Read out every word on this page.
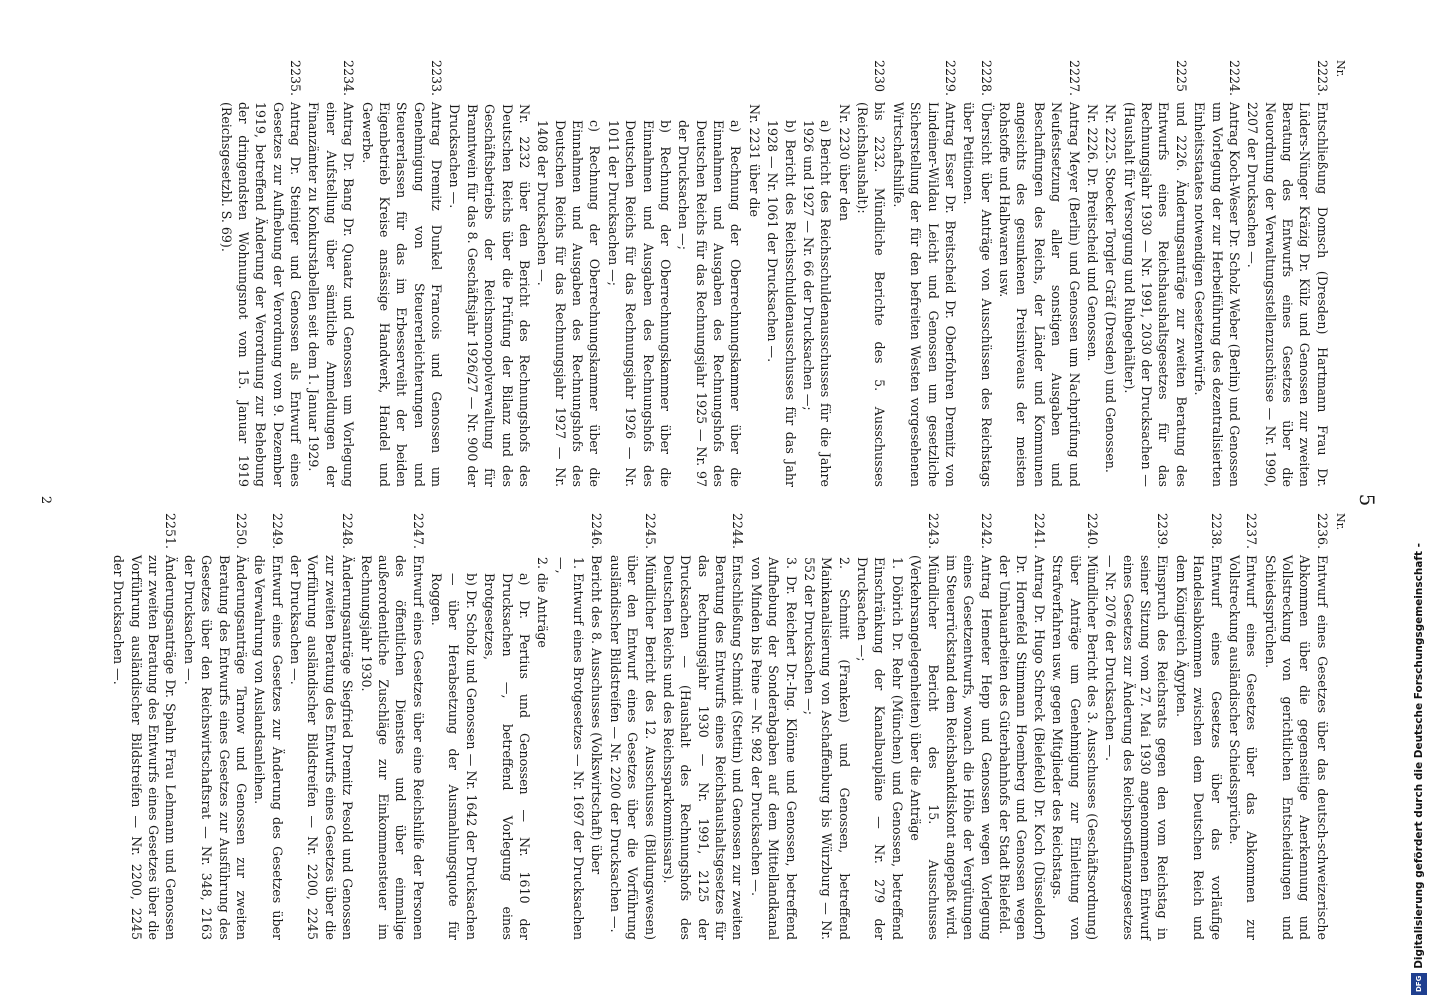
5
Nr.
2223.
Entschließung Domsch (Dresden) Hartmann Frau Dr. Lüders-Nünger Kräzig Dr. Külz und Genossen zur zweiten Beratung des Entwurfs eines Gesetzes über die Neuordnung der Verwaltungsstellenzuschüsse — Nr. 1990, 2207 der Drucksachen —.
2224.
Antrag Koch-Weser Dr. Scholz Weber (Berlin) und Genossen um Vorlegung der zur Herbeiführung des dezentralisierten Einheitsstaates notwendigen Gesetzentwürfe.
2225
und 2226. Änderungsanträge zur zweiten Beratung des Entwurfs eines Reichshaushaltsgesetzes für das Rechnungsjahr 1930 — Nr. 1991, 2030 der Drucksachen — (Haushalt für Versorgung und Ruhegehälter).
Nr. 2225. Stoecker Torgler Gräf (Dresden) und Genossen.
Nr. 2226. Dr. Breitscheid und Genossen.
2227.
Antrag Meyer (Berlin) und Genossen um Nachprüfung und Neufestsetzung aller sonstigen Ausgaben und Beschaffungen des Reichs, der Länder und Kommunen angesichts des gesunkenen Preisniveaus der meisten Rohstoffe und Halbwaren usw.
2228.
Übersicht über Anträge von Ausschüssen des Reichstags über Petitionen.
2229.
Antrag Esser Dr. Breitscheid Dr. Oberfohren Dremitz von Lindeiner-Wildau Leicht und Genossen um gesetzliche Sicherstellung der für den befreiten Westen vorgesehenen Wirtschaftshilfe.
2230
bis 2232. Mündliche Berichte des 5. Ausschusses (Reichshaushalt):
Nr. 2230 über den
a) Bericht des Reichsschuldenausschusses für die Jahre 1926 und 1927 — Nr. 66 der Drucksachen —;
b) Bericht des Reichsschuldenausschusses für das Jahr 1928 — Nr. 1061 der Drucksachen —.
Nr. 2231 über die
a) Rechnung der Oberrechnungskammer über die Einnahmen und Ausgaben des Rechnungshofs des Deutschen Reichs für das Rechnungsjahr 1925 — Nr. 97 der Drucksachen —;
b) Rechnung der Oberrechnungskammer über die Einnahmen und Ausgaben des Rechnungshofs des Deutschen Reichs für das Rechnungsjahr 1926 — Nr. 1011 der Drucksachen —;
c) Rechnung der Oberrechnungskammer über die Einnahmen und Ausgaben des Rechnungshofs des Deutschen Reichs für das Rechnungsjahr 1927 — Nr. 1408 der Drucksachen —.
Nr. 2232 über den Bericht des Rechnungshofs des Deutschen Reichs über die Prüfung der Bilanz und des Geschäftsbetriebs der Reichsmonopolverwaltung für Branntwein für das 8. Geschäftsjahr 1926/27 — Nr. 900 der Drucksachen —.
2233.
Antrag Dremitz Dunkel Francois und Genossen um Genehmigung von Steuererleichterungen und Steuererlassen für das im Erbesserveiht der beiden Eigenbetrieb Kreise ansässige Handwerk, Handel und Gewerbe.
2234.
Antrag Dr. Bang Dr. Quaatz und Genossen um Vorlegung einer Aufstellung über sämtliche Anmeldungen der Finanzämter zu Konkurstabellen seit dem 1. Januar 1929.
2235.
Antrag Dr. Steiniger und Genossen als Entwurf eines Gesetzes zur Aufhebung der Verordnung vom 9. Dezember 1919, betreffend Änderung der Verordnung zur Behebung der dringendsten Wohnungsnot vom 15. Januar 1919 (Reichsgesetzbl. S. 69).
Nr.
2236.
Entwurf eines Gesetzes über das deutsch-schweizerische Abkommen über die gegenseitige Anerkennung und Vollstreckung von gerichtlichen Entscheidungen und Schiedssprüchen.
2237.
Entwurf eines Gesetzes über das Abkommen zur Vollstreckung ausländischer Schiedssprüche.
2238.
Entwurf eines Gesetzes über das vorläufige Handelsabkommen zwischen dem Deutschen Reich und dem Königreich Ägypten.
2239.
Einspruch des Reichsrats gegen den vom Reichstag in seiner Sitzung vom 27. Mai 1930 angenommenen Entwurf eines Gesetzes zur Änderung des Reichspostfinanzgesetzes — Nr. 2076 der Drucksachen —.
2240.
Mündlicher Bericht des 3. Ausschusses (Geschäftsordnung) über Anträge um Genehmigung zur Einleitung von Strafverfahren usw. gegen Mitglieder des Reichstags.
2241.
Antrag Dr. Hugo Schreck (Bielefeld) Dr. Koch (Düsseldorf) Dr. Hornefeld Stimmann Hoemberg und Genossen wegen der Umbauarbeiten des Güterbahnhofs der Stadt Bielefeld.
2242.
Antrag Hemeter Hepp und Genossen wegen Vorlegung eines Gesetzentwurfs, wonach die Höhe der Vergütungen im Steuerrückstand dem Reichsbankdiskont angepaßt wird.
2243.
Mündlicher Bericht des 15. Ausschusses (Verkehrsangelegenheiten) über die Anträge
1. Döbrich Dr. Rehr (München) und Genossen, betreffend Einschränkung der Kanalbaupläne — Nr. 279 der Drucksachen —;
2. Schmitt (Franken) und Genossen, betreffend Mainkanalisierung von Aschaffenburg bis Würzburg — Nr. 552 der Drucksachen —;
3. Dr. Reichert Dr.-Ing. Klönne und Genossen, betreffend Aufhebung der Sonderabgaben auf dem Mittellandkanal von Minden bis Peine — Nr. 982 der Drucksachen —.
2244.
Entschließung Schmidt (Stettin) und Genossen zur zweiten Beratung des Entwurfs eines Reichshaushaltsgesetzes für das Rechnungsjahr 1930 — Nr. 1991, 2125 der Drucksachen — (Haushalt des Rechnungshofs des Deutschen Reichs und des Reichssparkommissars).
2245.
Mündlicher Bericht des 12. Ausschusses (Bildungswesen) über den Entwurf eines Gesetzes über die Vorführung ausländischer Bildstreifen — Nr. 2200 der Drucksachen —.
2246.
Bericht des 8. Ausschusses (Volkswirtschaft) über
1. Entwurf eines Brotgesetzes — Nr. 1697 der Drucksachen —,
2. die Anträge
a) Dr. Pertius und Genossen — Nr. 1610 der Drucksachen —, betreffend Vorlegung eines Brotgesetzes,
b) Dr. Scholz und Genossen — Nr. 1642 der Drucksachen — über Herabsetzung der Ausmahlungsquote für Roggen.
2247.
Entwurf eines Gesetzes über eine Reichshilfe der Personen des öffentlichen Dienstes und über einmalige außerordentliche Zuschläge zur Einkommensteuer im Rechnungsjahr 1930.
2248.
Änderungsanträge Siegfried Dremitz Pesold und Genossen zur zweiten Beratung des Entwurfs eines Gesetzes über die Vorführung ausländischer Bildstreifen — Nr. 2200, 2245 der Drucksachen —.
2249.
Entwurf eines Gesetzes zur Änderung des Gesetzes über die Verwahrung von Auslandsanleihen.
2250.
Änderungsanträge Tarnow und Genossen zur zweiten Beratung des Entwurfs eines Gesetzes zur Ausführung des Gesetzes über den Reichswirtschaftsrat — Nr. 348, 2163 der Drucksachen —.
2251.
Änderungsanträge Dr. Spahn Frau Lehmann und Genossen zur zweiten Beratung des Entwurfs eines Gesetzes über die Vorführung ausländischer Bildstreifen — Nr. 2200, 2245 der Drucksachen —.
2
Digitalisierung gefördert durch die Deutsche Forschungsgemeinschaft -
DFG
